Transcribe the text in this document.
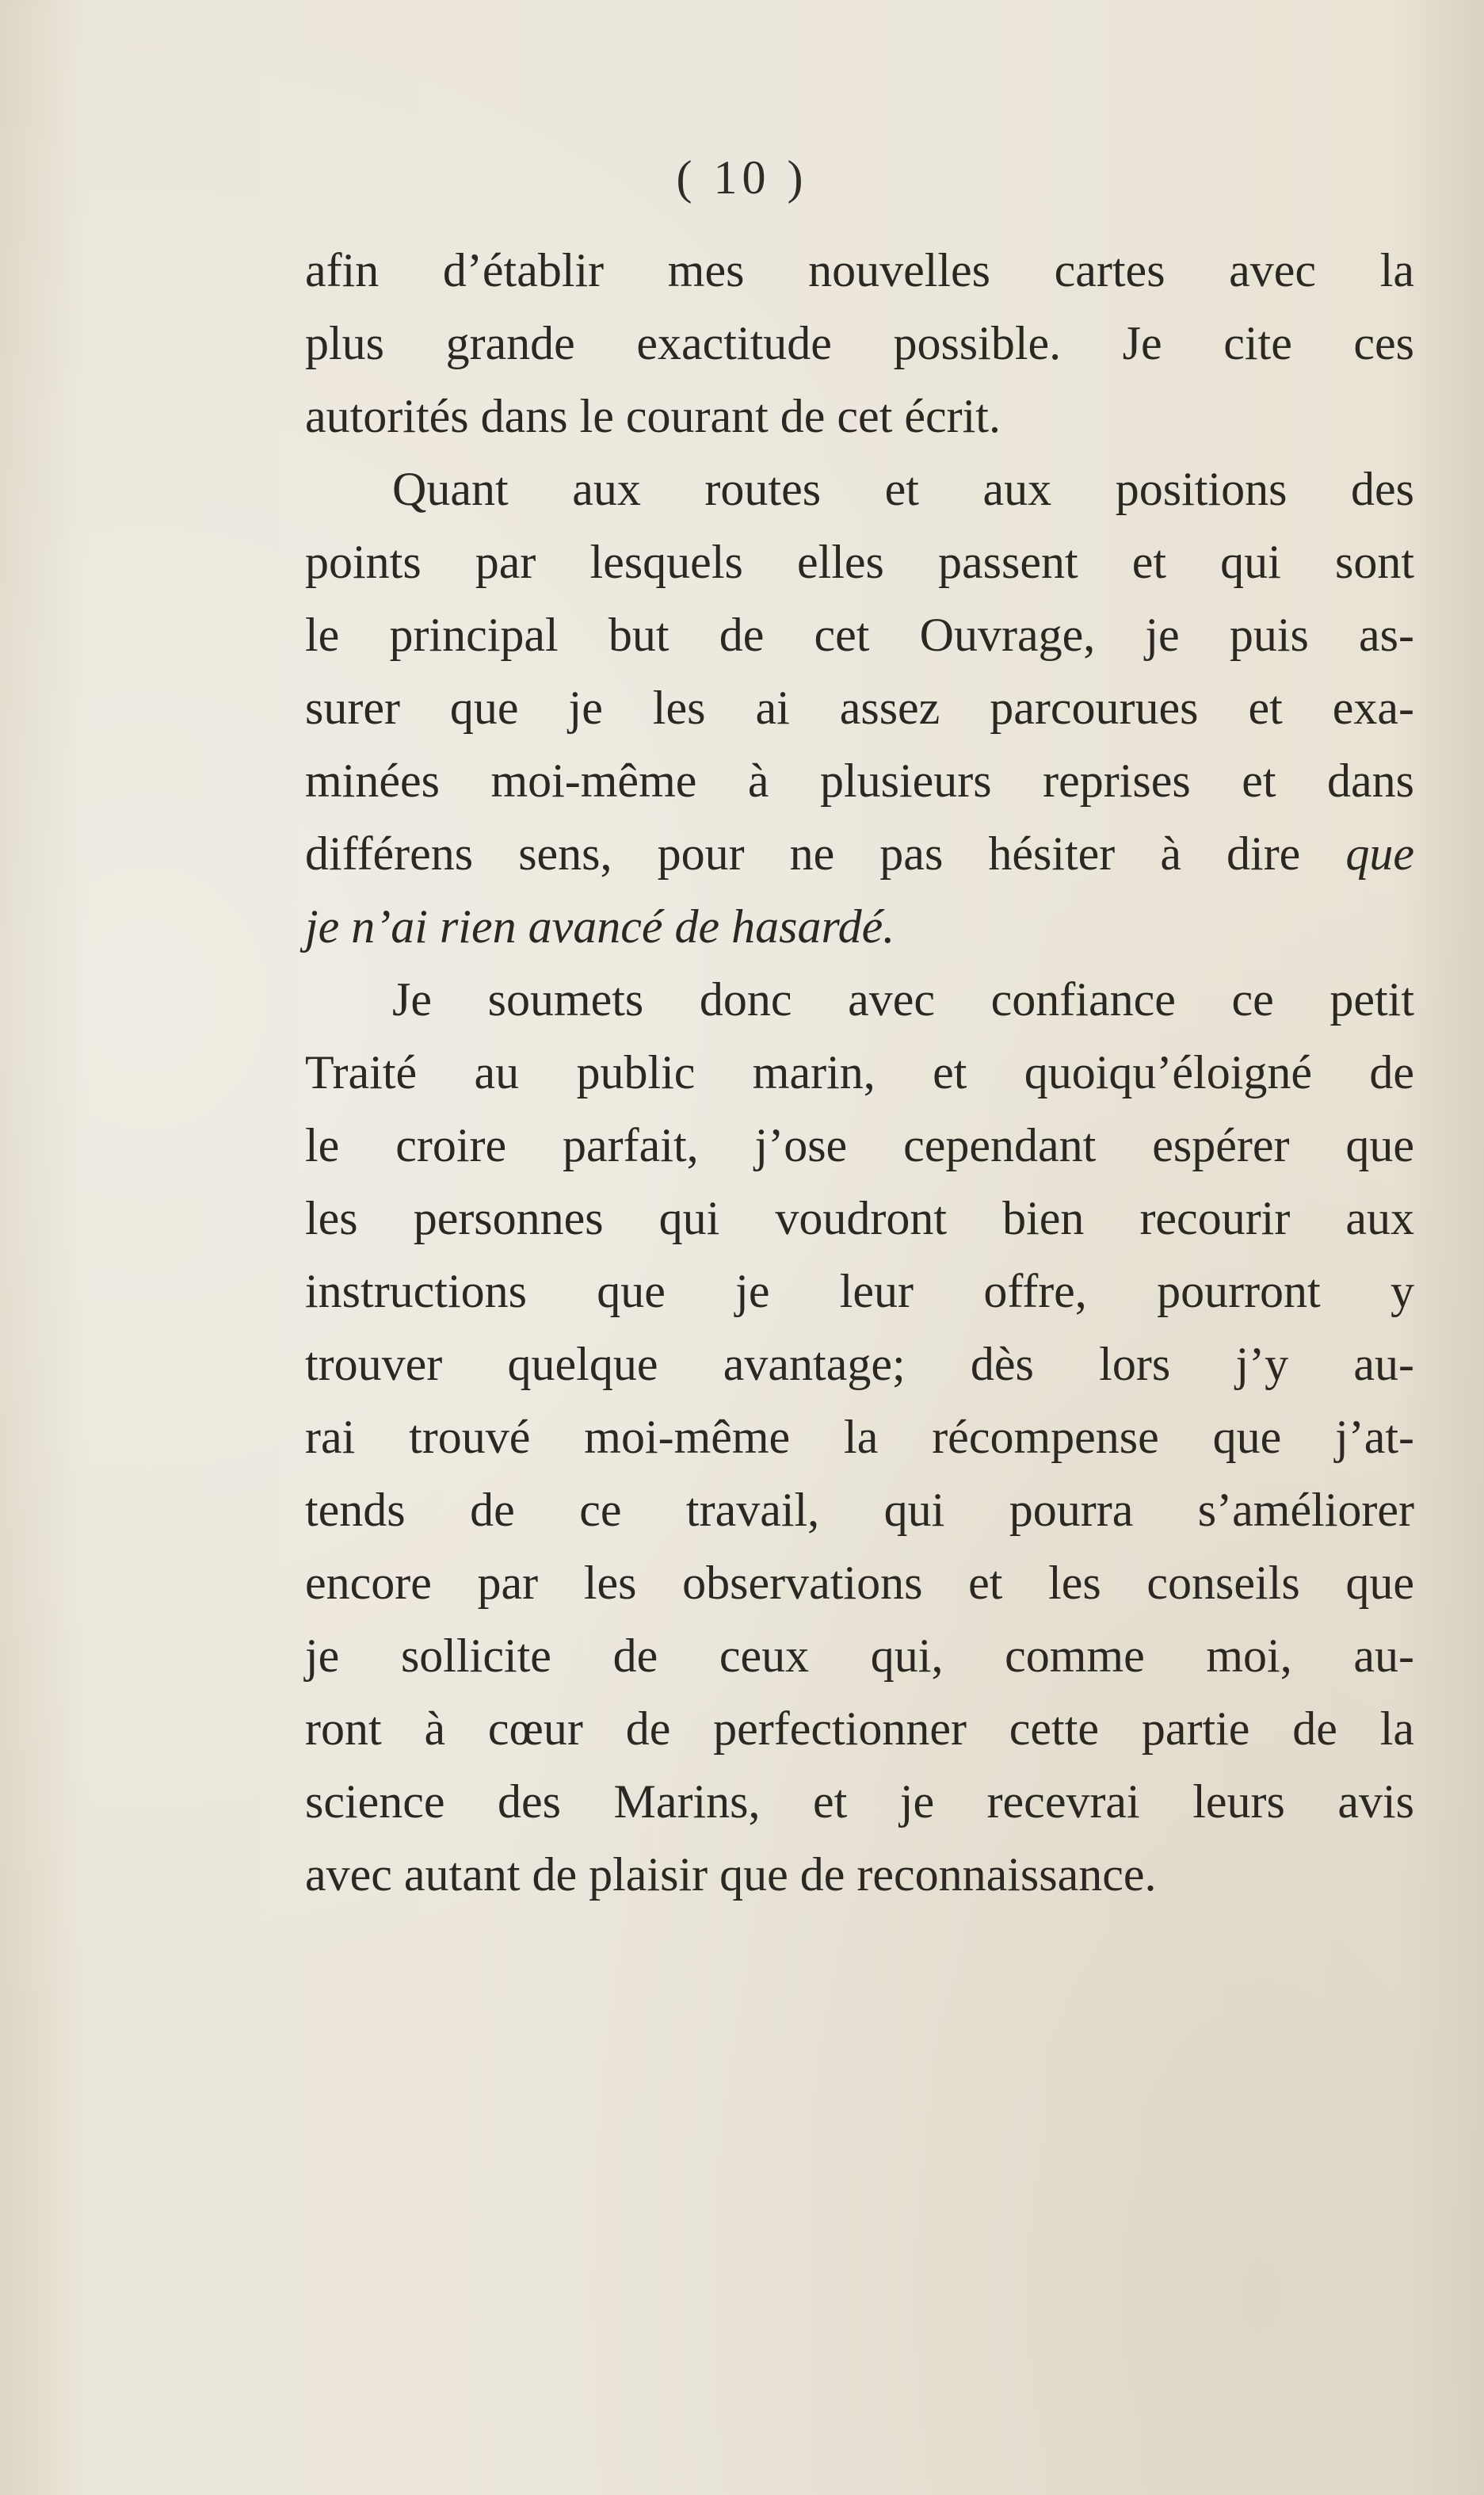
( 10 )
afin d’établir mes nouvelles cartes avec la
plus grande exactitude possible. Je cite ces
autorités dans le courant de cet écrit.
Quant aux routes et aux positions des
points par lesquels elles passent et qui sont
le principal but de cet Ouvrage, je puis as-
surer que je les ai assez parcourues et exa-
minées moi-même à plusieurs reprises et dans
différens sens, pour ne pas hésiter à dire que
je n’ai rien avancé de hasardé.
Je soumets donc avec confiance ce petit
Traité au public marin, et quoiqu’éloigné de
le croire parfait, j’ose cependant espérer que
les personnes qui voudront bien recourir aux
instructions que je leur offre, pourront y
trouver quelque avantage; dès lors j’y au-
rai trouvé moi-même la récompense que j’at-
tends de ce travail, qui pourra s’améliorer
encore par les observations et les conseils que
je sollicite de ceux qui, comme moi, au-
ront à cœur de perfectionner cette partie de la
science des Marins, et je recevrai leurs avis
avec autant de plaisir que de reconnaissance.
